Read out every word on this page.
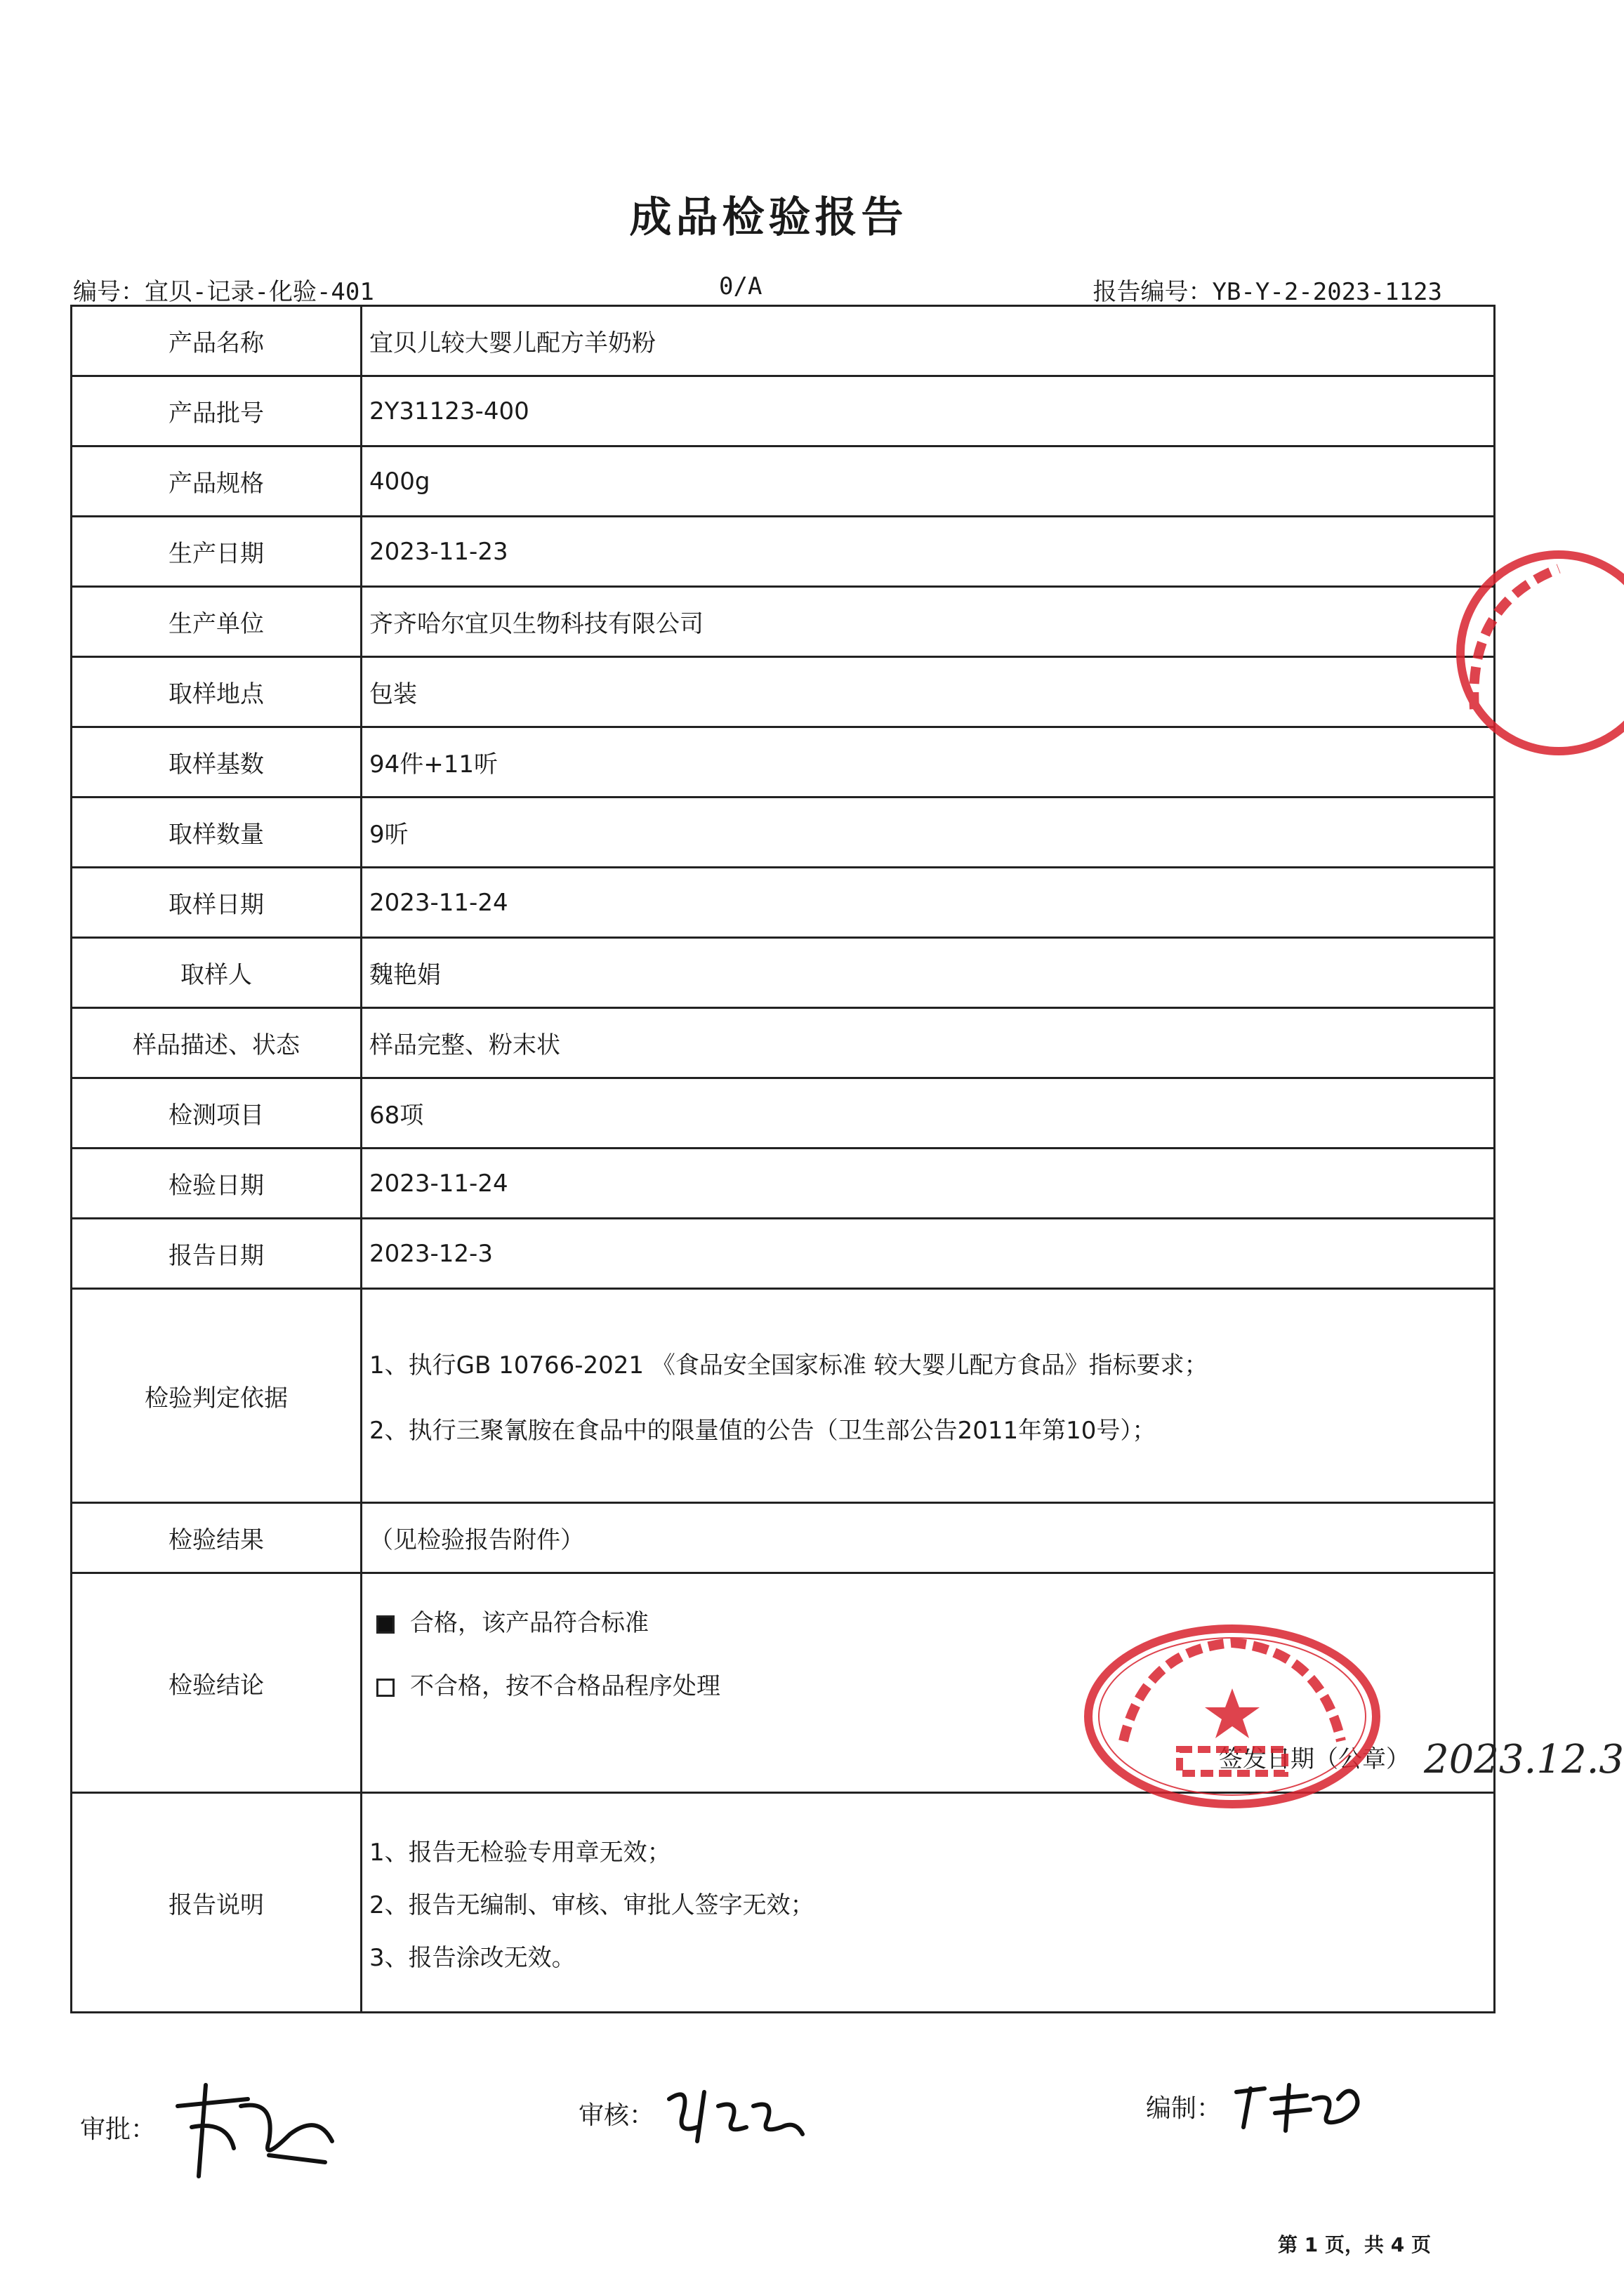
成品检验报告
编号：宜贝-记录-化验-401	0/A	报告编号：YB-Y-2-2023-1123
产品名称	宜贝儿较大婴儿配方羊奶粉
产品批号	2Y31123-400
产品规格	400g
生产日期	2023-11-23
生产单位	齐齐哈尔宜贝生物科技有限公司
取样地点	包装
取样基数	94件+11听
取样数量	9听
取样日期	2023-11-24
取样人	魏艳娟
样品描述、状态	样品完整、粉末状
检测项目	68项
检验日期	2023-11-24
报告日期	2023-12-3
检验判定依据	1、执行GB 10766-2021 《食品安全国家标准 较大婴儿配方食品》指标要求；
2、执行三聚氰胺在食品中的限量值的公告（卫生部公告2011年第10号）；

检验结果	（见检验报告附件）
检验结论	合格，该产品符合标准
不合格，按不合格品程序处理
签发日期（公章） 2023.12.3

报告说明	1、报告无检验专用章无效；
2、报告无编制、审核、审批人签字无效；
3、报告涂改无效。
审批：	审核：	编制：
第 1 页，共 4 页
